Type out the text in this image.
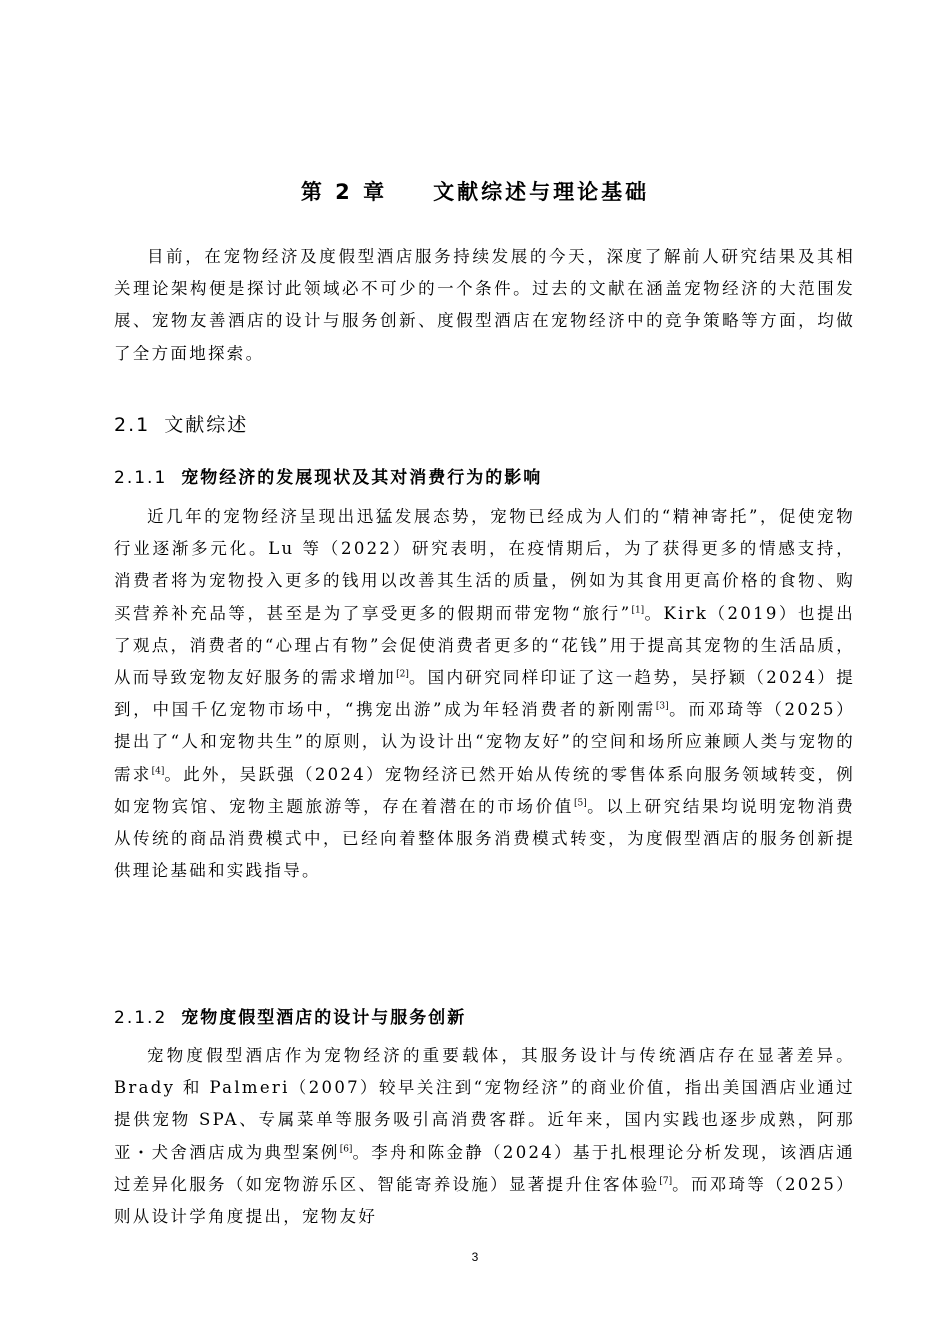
第 2 章 文献综述与理论基础

目前，在宠物经济及度假型酒店服务持续发展的今天，深度了解前人研究结果及其相关理论架构便是探讨此领域必不可少的一个条件。过去的文献在涵盖宠物经济的大范围发展、宠物友善酒店的设计与服务创新、度假型酒店在宠物经济中的竞争策略等方面，均做了全方面地探索。

2.1 文献综述
2.1.1 宠物经济的发展现状及其对消费行为的影响

近几年的宠物经济呈现出迅猛发展态势，宠物已经成为人们的“精神寄托”，促使宠物行业逐渐多元化。Lu 等（2022）研究表明，在疫情期后，为了获得更多的情感支持，消费者将为宠物投入更多的钱用以改善其生活的质量，例如为其食用更高价格的食物、购买营养补充品等，甚至是为了享受更多的假期而带宠物“旅行”[1]。Kirk（2019）也提出了观点，消费者的“心理占有物”会促使消费者更多的“花钱”用于提高其宠物的生活品质，从而导致宠物友好服务的需求增加[2]。国内研究同样印证了这一趋势，吴抒颖（2024）提到，中国千亿宠物市场中，“携宠出游”成为年轻消费者的新刚需[3]。而邓琦等（2025）提出了“人和宠物共生”的原则，认为设计出“宠物友好”的空间和场所应兼顾人类与宠物的需求[4]。此外，吴跃强（2024）宠物经济已然开始从传统的零售体系向服务领域转变，例如宠物宾馆、宠物主题旅游等，存在着潜在的市场价值[5]。以上研究结果均说明宠物消费从传统的商品消费模式中，已经向着整体服务消费模式转变，为度假型酒店的服务创新提供理论基础和实践指导。

2.1.2 宠物度假型酒店的设计与服务创新

宠物度假型酒店作为宠物经济的重要载体，其服务设计与传统酒店存在显著差异。Brady 和 Palmeri（2007）较早关注到“宠物经济”的商业价值，指出美国酒店业通过提供宠物 SPA、专属菜单等服务吸引高消费客群。近年来，国内实践也逐步成熟，阿那亚・犬舍酒店成为典型案例[6]。李舟和陈金静（2024）基于扎根理论分析发现，该酒店通过差异化服务（如宠物游乐区、智能寄养设施）显著提升住客体验[7]。而邓琦等（2025）则从设计学角度提出，宠物友好

3
